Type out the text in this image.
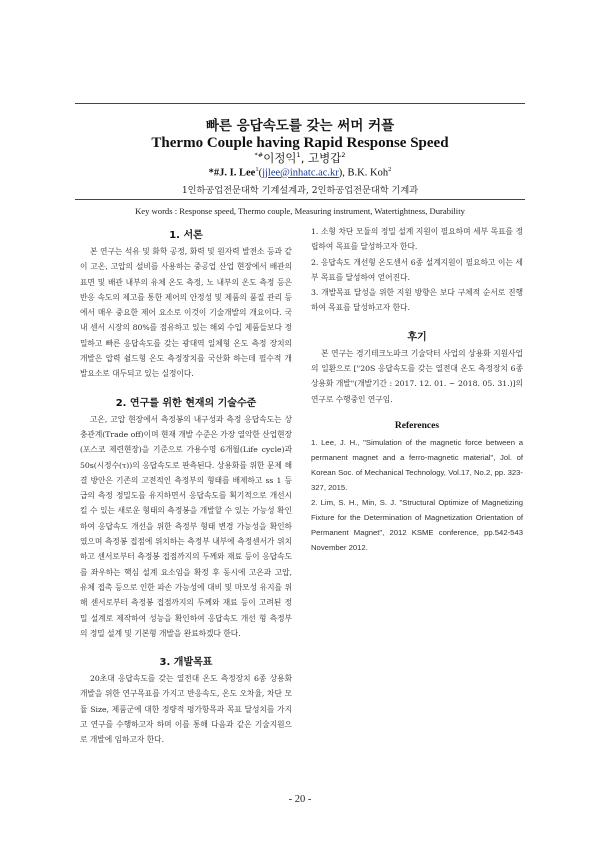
빠른 응답속도를 갖는 써머 커플
Thermo Couple having Rapid Response Speed
*#이정익$^1$, 고병갑$^2$
*#J. I. Lee$^1$(jjlee@inhatc.ac.kr), B.K. Koh$^2$
1인하공업전문대학 기계설계과, 2인하공업전문대학 기계과
Key words : Response speed, Thermo couple, Measuring instrument, Watertightness, Durability

1. 서론

본 연구는 석유 및 화학 공정, 화력 및 원자력 발전소 등과 같이 고온, 고압의 설비를 사용하는 중공업 산업 현장에서 배관의 표면 및 배관 내부의 유체 온도 측정, 노 내부의 온도 측정 등은 반응 속도의 제고를 통한 제어의 안정성 및 제품의 품질 관리 등에서 매우 중요한 제어 요소로 이것이 기술개발의 개요이다. 국내 센서 시장의 80%를 점유하고 있는 해외 수입 제품들보다 정밀하고 빠른 응답속도를 갖는 광대역 일체형 온도 측정 장치의 개발은 압력 쉴드형 온도 측정장치를 국산화 하는데 필수적 개발요소로 대두되고 있는 실정이다.

2. 연구를 위한 현재의 기술수준

고온, 고압 현장에서 측정봉의 내구성과 측정 응답속도는 상충관계(Trade off)이며 현재 개발 수준은 가장 열악한 산업현장(포스코 제련현장)을 기준으로 가용수명 6개월(Life cycle)과 50s(시정수(τ))의 응답속도로 판측된다. 상용화를 위한 문제 해결 방안은 기존의 고전적인 측정부의 형태를 배제하고 ss 1 등급의 측정 정밀도를 유지하면서 응답속도를 획기적으로 개선시킬 수 있는 새로운 형태의 측정봉을 개발할 수 있는 가능성 확인하여 응답속도 개선을 위한 측정부 형태 변경 가능성을 확인하였으며 측정봉 접점에 위치하는 측정부 내부에 측정센서가 위치하고 센서로부터 측정봉 접점까지의 두께와 재료 등이 응답속도를 좌우하는 핵심 설계 요소임을 확정 후 동시에 고온과 고압, 유체 접촉 등으로 인한 파손 가능성에 대비 및 마모성 유지를 위해 센서로부터 측정봉 접점까지의 두께와 재료 등이 고려된 정밀 설계로 제작하여 성능을 확인하여 응답속도 개선 형 측정부의 정밀 설계 및 기본형 개발을 완료하겠다 한다.

3. 개발목표

20초대 응답속도를 갖는 열전대 온도 측정장치 6종 상용화 개발을 위한 연구목표를 가지고 반응속도, 온도 오차율, 차단 모듈 Size, 제품군에 대한 정량적 평가항목과 목표 달성치를 가지고 연구를 수행하고자 하며 이를 통해 다음과 같은 기술지원으로 개발에 임하고자 한다.

1. 소형 차단 모듈의 정밀 설계 지원이 필요하며 세부 목표를 정립하여 목표를 달성하고자 한다.

2. 응답속도 개선형 온도센서 6종 설계지원이 필요하고 이는 세부 목표를 달성하여 얻어진다.

3. 개발목표 달성을 위한 지원 방향은 보다 구체적 순서로 진행하여 목표를 달성하고자 한다.

후기

본 연구는 경기테크노파크 기술닥터 사업의 상용화 지원사업의 일환으로 ["20S 응답속도를 갖는 열전대 온도 측정장치 6종 상용화 개발"(개발기간 : 2017. 12. 01. ~ 2018. 05. 31.)]의 연구로 수행중인 연구임.

References

1. Lee, J. H., "Simulation of the magnetic force between a permanent magnet and a ferro-magnetic material", Jol. of Korean Soc. of Mechanical Technology, Vol.17, No.2, pp. 323-327, 2015.

2. Lim, S. H., Min, S. J. "Structural Optimize of Magnetizing Fixture for the Determination of Magnetization Orientation of Permanent Magnet", 2012 KSME conference, pp.542-543 November 2012.

- 20 -
